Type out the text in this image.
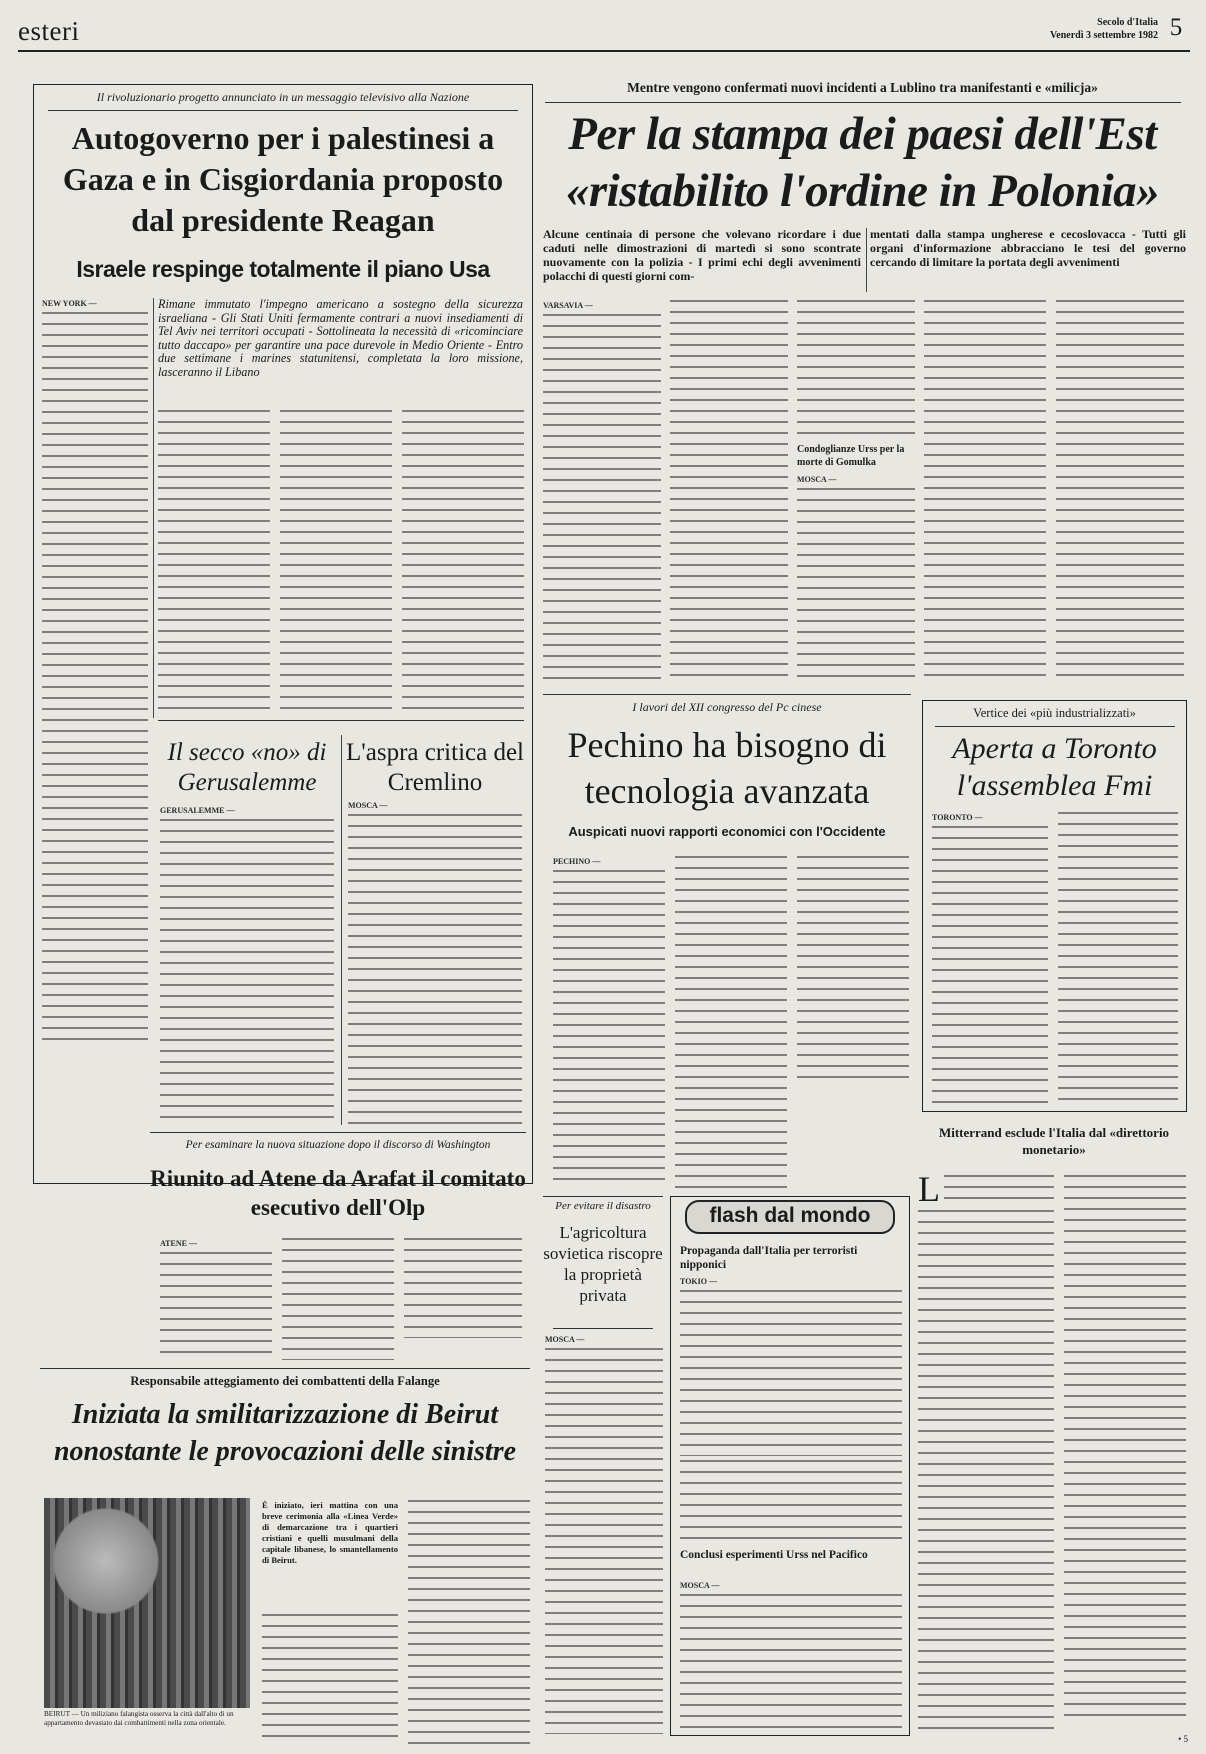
esteri	Secolo d'Italia
Venerdì 3 settembre 1982 5
Il rivoluzionario progetto annunciato in un messaggio televisivo alla Nazione
Autogoverno per i palestinesi a Gaza e in Cisgiordania proposto dal presidente Reagan
Israele respinge totalmente il piano Usa

NEW YORK —	Rimane immutato l'impegno americano a sostegno della sicurezza israeliana - Gli Stati Uniti fermamente contrari a nuovi insediamenti di Tel Aviv nei territori occupati - Sottolineata la necessità di «ricominciare tutto daccapo» per garantire una pace durevole in Medio Oriente - Entro due settimane i marines statunitensi, completata la loro missione, lasceranno il Libano
Il secco «no» di Gerusalemme

GERUSALEMME —

L'aspra critica del Cremlino

MOSCA —

Per esaminare la nuova situazione dopo il discorso di Washington
Riunito ad Atene da Arafat il comitato esecutivo dell'Olp

ATENE —

Responsabile atteggiamento dei combattenti della Falange
Iniziata la smilitarizzazione di Beirut nonostante le provocazioni delle sinistre
BEIRUT — Un miliziano falangista osserva la città dall'alto di un appartamento devastato dai combattimenti nella zona orientale.
È iniziato, ieri mattina con una breve cerimonia alla «Linea Verde» di demarcazione tra i quartieri cristiani e quelli musulmani della capitale libanese, lo smantellamento di Beirut.
Mentre vengono confermati nuovi incidenti a Lublino tra manifestanti e «milicja»
Per la stampa dei paesi dell'Est «ristabilito l'ordine in Polonia»
Alcune centinaia di persone che volevano ricordare i due caduti nelle dimostrazioni di martedì si sono scontrate nuovamente con la polizia - I primi echi degli avvenimenti polacchi di questi giorni com-
mentati dalla stampa ungherese e cecoslovacca - Tutti gli organi d'informazione abbracciano le tesi del governo cercando di limitare la portata degli avvenimenti

VARSAVIA —

Condoglianze Urss per la morte di Gomulka

MOSCA —

I lavori del XII congresso del Pc cinese
Pechino ha bisogno di tecnologia avanzata
Auspicati nuovi rapporti economici con l'Occidente

PECHINO —

Vertice dei «più industrializzati»
Aperta a Toronto l'assemblea Fmi

TORONTO —

Mitterrand esclude l'Italia dal «direttorio monetario»
L
Per evitare il disastro
L'agricoltura sovietica riscopre la proprietà privata

MOSCA —

flash dal mondo
Propaganda dall'Italia per terroristi nipponici

TOKIO —

Conclusi esperimenti Urss nel Pacifico

MOSCA —

• 5
